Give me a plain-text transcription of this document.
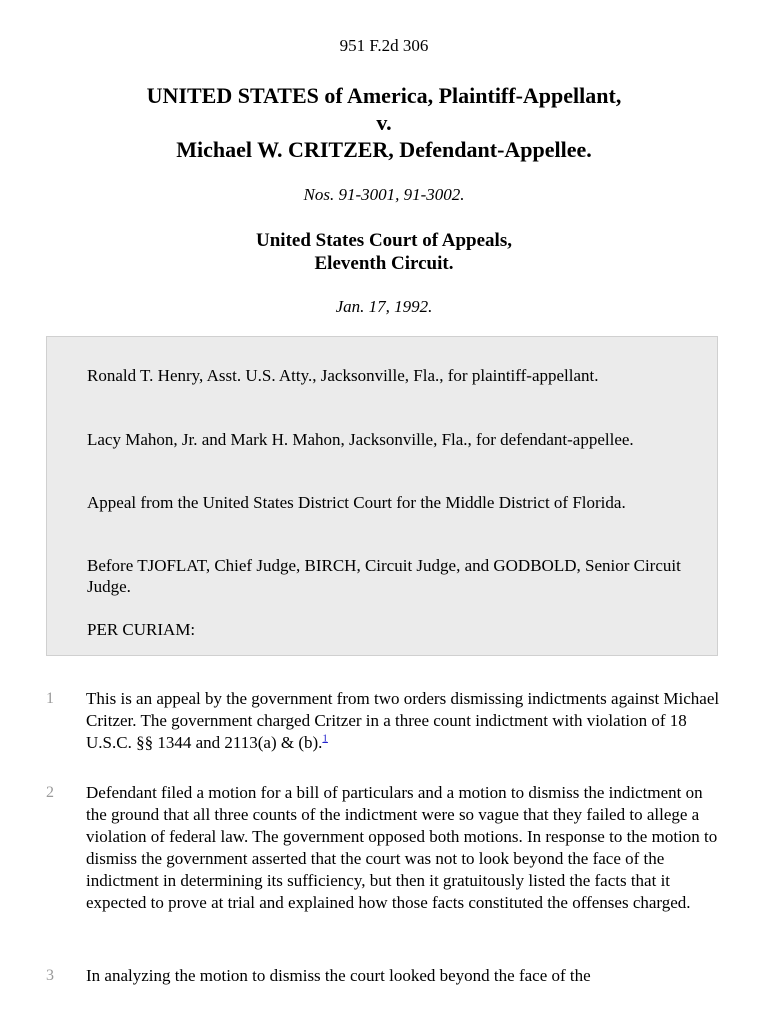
951 F.2d 306
UNITED STATES of America, Plaintiff-Appellant,
v.
Michael W. CRITZER, Defendant-Appellee.
Nos. 91-3001, 91-3002.
United States Court of Appeals,
Eleventh Circuit.
Jan. 17, 1992.

Ronald T. Henry, Asst. U.S. Atty., Jacksonville, Fla., for plaintiff-appellant.

Lacy Mahon, Jr. and Mark H. Mahon, Jacksonville, Fla., for defendant-appellee.

Appeal from the United States District Court for the Middle District of Florida.

Before TJOFLAT, Chief Judge, BIRCH, Circuit Judge, and GODBOLD, Senior Circuit Judge.

PER CURIAM:

1 This is an appeal by the government from two orders dismissing indictments against Michael Critzer. The government charged Critzer in a three count indictment with violation of 18 U.S.C. §§ 1344 and 2113(a) & (b).$^1$
2 Defendant filed a motion for a bill of particulars and a motion to dismiss the indictment on the ground that all three counts of the indictment were so vague that they failed to allege a violation of federal law. The government opposed both motions. In response to the motion to dismiss the government asserted that the court was not to look beyond the face of the indictment in determining its sufficiency, but then it gratuitously listed the facts that it expected to prove at trial and explained how those facts constituted the offenses charged.
3 In analyzing the motion to dismiss the court looked beyond the face of the
